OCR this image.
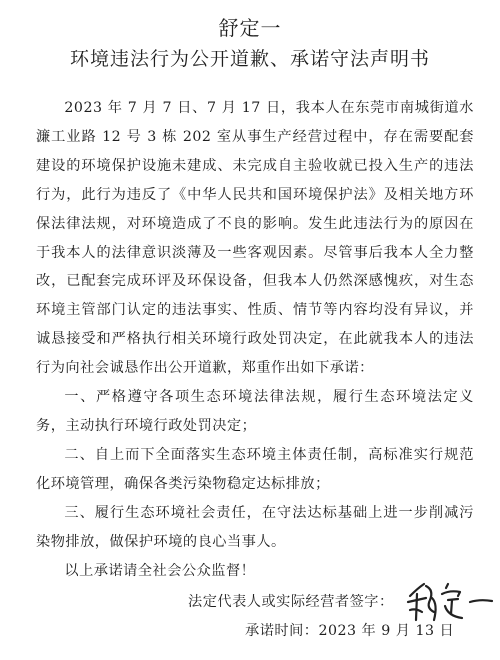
舒定一
环境违法行为公开道歉、承诺守法声明书

2023 年 7 月 7 日、7 月 17 日，我本人在东莞市南城街道水濂工业路 12 号 3 栋 202 室从事生产经营过程中，存在需要配套建设的环境保护设施未建成、未完成自主验收就已投入生产的违法行为，此行为违反了《中华人民共和国环境保护法》及相关地方环保法律法规，对环境造成了不良的影响。发生此违法行为的原因在于我本人的法律意识淡薄及一些客观因素。尽管事后我本人全力整改，已配套完成环评及环保设备，但我本人仍然深感愧疚，对生态环境主管部门认定的违法事实、性质、情节等内容均没有异议，并诚恳接受和严格执行相关环境行政处罚决定，在此就我本人的违法行为向社会诚恳作出公开道歉，郑重作出如下承诺：

一、严格遵守各项生态环境法律法规，履行生态环境法定义务，主动执行环境行政处罚决定；

二、自上而下全面落实生态环境主体责任制，高标准实行规范化环境管理，确保各类污染物稳定达标排放；

三、履行生态环境社会责任，在守法达标基础上进一步削减污染物排放，做保护环境的良心当事人。

以上承诺请全社会公众监督！

法定代表人或实际经营者签字：
承诺时间：2023 年 9 月 13 日
